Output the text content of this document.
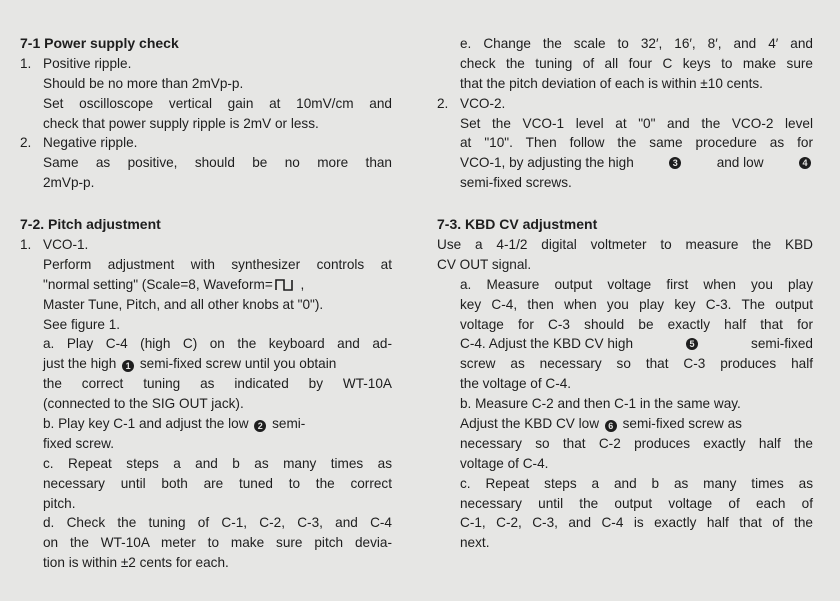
7-1 Power supply check
1. Positive ripple.
Should be no more than 2mVp-p.
Set oscilloscope vertical gain at 10mV/cm and
check that power supply ripple is 2mV or less.
2. Negative ripple.
Same as positive, should be no more than
2mVp-p.
7-2. Pitch adjustment
1. VCO-1.
Perform adjustment with synthesizer controls at
"normal setting" (Scale=8, Waveform= ,
Master Tune, Pitch, and all other knobs at "0").
See figure 1.
a. Play C-4 (high C) on the keyboard and ad-
just the high 1 semi-fixed screw until you obtain
the correct tuning as indicated by WT-10A
(connected to the SIG OUT jack).
b. Play key C-1 and adjust the low 2 semi-
fixed screw.
c. Repeat steps a and b as many times as
necessary until both are tuned to the correct
pitch.
d. Check the tuning of C-1, C-2, C-3, and C-4
on the WT-10A meter to make sure pitch devia-
tion is within ±2 cents for each.
e. Change the scale to 32′, 16′, 8′, and 4′ and
check the tuning of all four C keys to make sure
that the pitch deviation of each is within ±10 cents.
2. VCO-2.
Set the VCO-1 level at "0" and the VCO-2 level
at "10". Then follow the same procedure as for
VCO-1, by adjusting the high	3	and low	4
semi-fixed screws.
7-3. KBD CV adjustment
Use a 4-1/2 digital voltmeter to measure the KBD
CV OUT signal.
a. Measure output voltage first when you play
key C-4, then when you play key C-3. The output
voltage for C-3 should be exactly half that for
C-4. Adjust the KBD CV high	5	semi-fixed
screw as necessary so that C-3 produces half
the voltage of C-4.
b. Measure C-2 and then C-1 in the same way.
Adjust the KBD CV low 6 semi-fixed screw as
necessary so that C-2 produces exactly half the
voltage of C-4.
c. Repeat steps a and b as many times as
necessary until the output voltage of each of
C-1, C-2, C-3, and C-4 is exactly half that of the
next.
